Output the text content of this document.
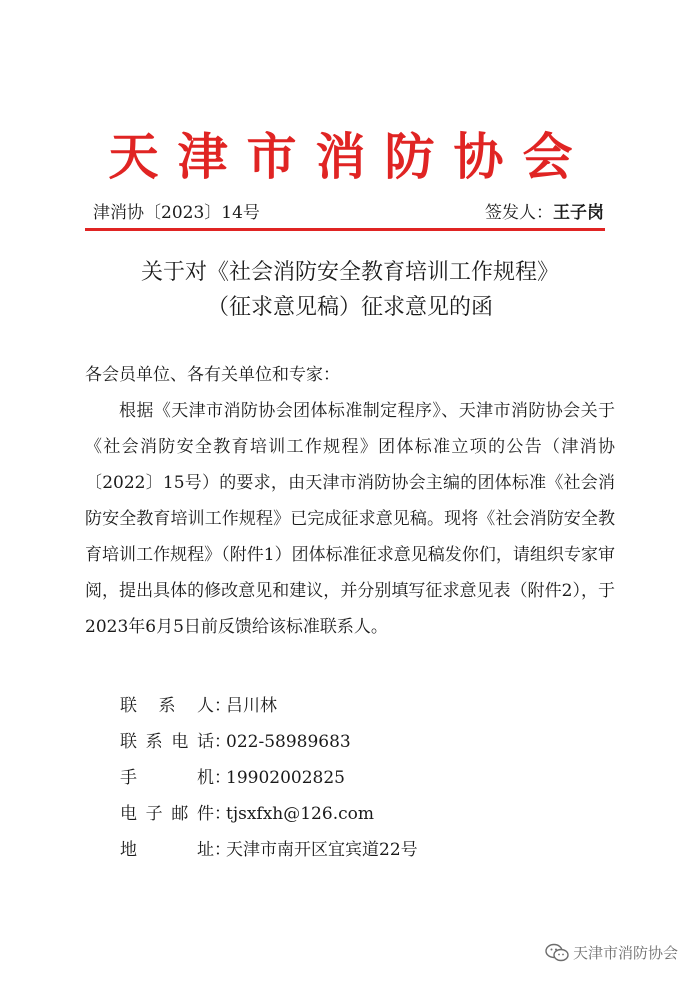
天津市消防协会
津消协〔2023〕14号	签发人：王子岗
关于对《社会消防安全教育培训工作规程》
（征求意见稿）征求意见的函
各会员单位、各有关单位和专家：
根据《天津市消防协会团体标准制定程序》、天津市消防协会关于《社会消防安全教育培训工作规程》团体标准立项的公告（津消协〔2022〕15号）的要求，由天津市消防协会主编的团体标准《社会消防安全教育培训工作规程》已完成征求意见稿。现将《社会消防安全教育培训工作规程》（附件1）团体标准征求意见稿发你们，请组织专家审阅，提出具体的修改意见和建议，并分别填写征求意见表（附件2），于2023年6月5日前反馈给该标准联系人。
联系人：吕川林
联系电话：022-58989683
手机：19902002825
电子邮件：tjsxfxh@126.com
地址：天津市南开区宜宾道22号
天津市消防协会
